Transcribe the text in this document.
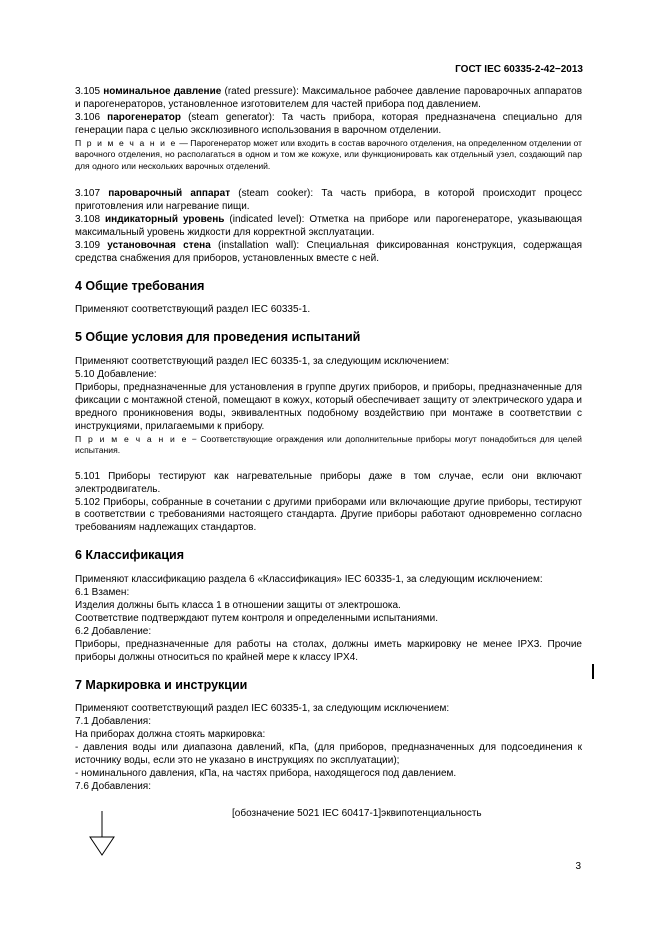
ГОСТ IEC 60335-2-42−2013

3.105 номинальное давление (rated pressure): Максимальное рабочее давление пароварочных аппаратов и парогенераторов, установленное изготовителем для частей прибора под давлением.

3.106 парогенератор (steam generator): Та часть прибора, которая предназначена специально для генерации пара с целью эксклюзивного использования в варочном отделении.

П р и м е ч а н и е — Парогенератор может или входить в состав варочного отделения, на определенном отделении от варочного отделения, но располагаться в одном и том же кожухе, или функционировать как отдельный узел, создающий пар для одного или нескольких варочных отделений.

3.107 пароварочный аппарат (steam cooker): Та часть прибора, в которой происходит процесс приготовления или нагревание пищи.

3.108 индикаторный уровень (indicated level): Отметка на приборе или парогенераторе, указывающая максимальный уровень жидкости для корректной эксплуатации.

3.109 установочная стена (installation wall): Специальная фиксированная конструкция, содержащая средства снабжения для приборов, установленных вместе с ней.

4 Общие требования

Применяют соответствующий раздел IEC 60335-1.

5 Общие условия для проведения испытаний

Применяют соответствующий раздел IEC 60335-1, за следующим исключением:

5.10 Добавление:

Приборы, предназначенные для установления в группе других приборов, и приборы, предназначенные для фиксации с монтажной стеной, помещают в кожух, который обеспечивает защиту от электрического удара и вредного проникновения воды, эквивалентных подобному воздействию при монтаже в соответствии с инструкциями, прилагаемыми к прибору.

П р и м е ч а н и е − Соответствующие ограждения или дополнительные приборы могут понадобиться для целей испытания.

5.101 Приборы тестируют как нагревательные приборы даже в том случае, если они включают электродвигатель.

5.102 Приборы, собранные в сочетании с другими приборами или включающие другие приборы, тестируют в соответствии с требованиями настоящего стандарта. Другие приборы работают одновременно согласно требованиям надлежащих стандартов.

6 Классификация

Применяют классификацию раздела 6 «Классификация» IEC 60335-1, за следующим исключением:

6.1 Взамен:

Изделия должны быть класса 1 в отношении защиты от электрошока.

Соответствие подтверждают путем контроля и определенными испытаниями.

6.2 Добавление:

Приборы, предназначенные для работы на столах, должны иметь маркировку не менее IPX3. Прочие приборы должны относиться по крайней мере к классу IPX4.

7 Маркировка и инструкции

Применяют соответствующий раздел IEC 60335-1, за следующим исключением:

7.1 Добавления:

На приборах должна стоять маркировка:

- давления воды или диапазона давлений, кПа, (для приборов, предназначенных для подсоединения к источнику воды, если это не указано в инструкциях по эксплуатации);

- номинального давления, кПа, на частях прибора, находящегося под давлением.

7.6 Добавления:

[обозначение 5021 IEC 60417-1]эквипотенциальность
3
